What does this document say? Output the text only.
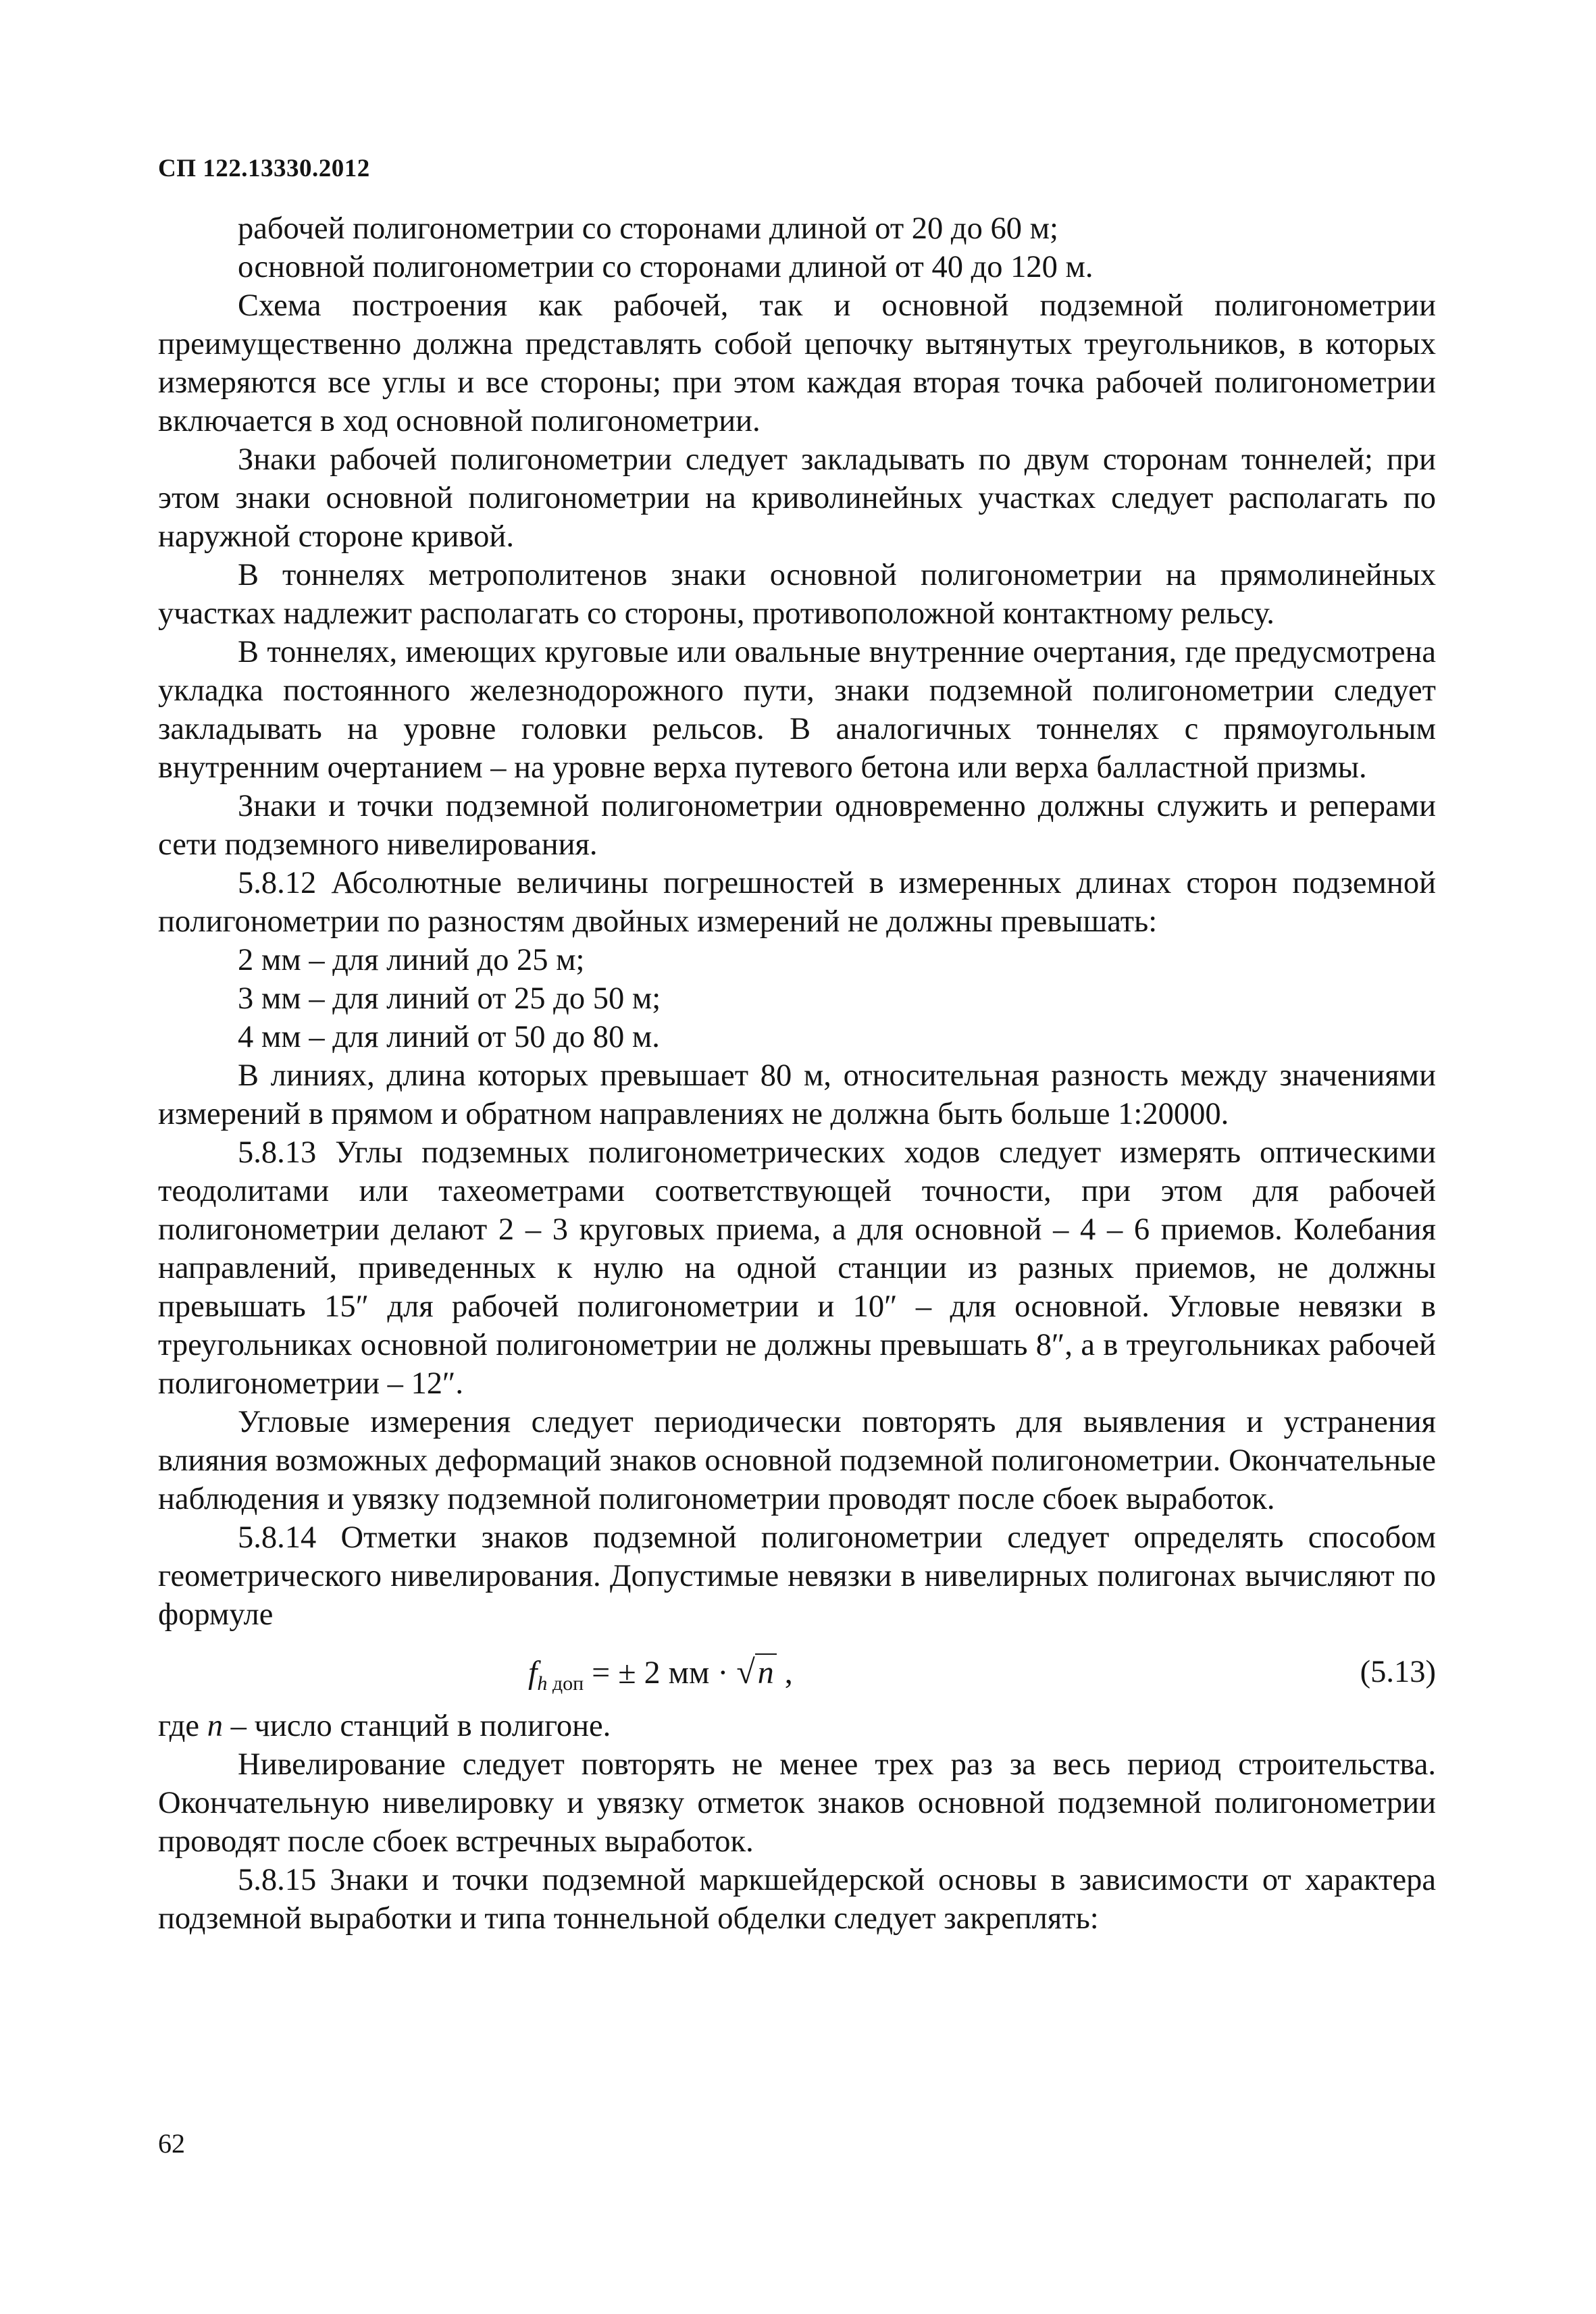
СП 122.13330.2012

рабочей полигонометрии со сторонами длиной от 20 до 60 м;

основной полигонометрии со сторонами длиной от 40 до 120 м.

Схема построения как рабочей, так и основной подземной полигонометрии преимущественно должна представлять собой цепочку вытянутых треугольников, в которых измеряются все углы и все стороны; при этом каждая вторая точка рабочей полигонометрии включается в ход основной полигонометрии.

Знаки рабочей полигонометрии следует закладывать по двум сторонам тоннелей; при этом знаки основной полигонометрии на криволинейных участках следует располагать по наружной стороне кривой.

В тоннелях метрополитенов знаки основной полигонометрии на прямолинейных участках надлежит располагать со стороны, противоположной контактному рельсу.

В тоннелях, имеющих круговые или овальные внутренние очертания, где предусмотрена укладка постоянного железнодорожного пути, знаки подземной полигонометрии следует закладывать на уровне головки рельсов. В аналогичных тоннелях с прямоугольным внутренним очертанием – на уровне верха путевого бетона или верха балластной призмы.

Знаки и точки подземной полигонометрии одновременно должны служить и реперами сети подземного нивелирования.

5.8.12 Абсолютные величины погрешностей в измеренных длинах сторон подземной полигонометрии по разностям двойных измерений не должны превышать:

2 мм – для линий до 25 м;

3 мм – для линий от 25 до 50 м;

4 мм – для линий от 50 до 80 м.

В линиях, длина которых превышает 80 м, относительная разность между значениями измерений в прямом и обратном направлениях не должна быть больше 1:20000.

5.8.13 Углы подземных полигонометрических ходов следует измерять оптическими теодолитами или тахеометрами соответствующей точности, при этом для рабочей полигонометрии делают 2 – 3 круговых приема, а для основной – 4 – 6 приемов. Колебания направлений, приведенных к нулю на одной станции из разных приемов, не должны превышать 15″ для рабочей полигонометрии и 10″ – для основной. Угловые невязки в треугольниках основной полигонометрии не должны превышать 8″, а в треугольниках рабочей полигонометрии – 12″.

Угловые измерения следует периодически повторять для выявления и устранения влияния возможных деформаций знаков основной подземной полигонометрии. Окончательные наблюдения и увязку подземной полигонометрии проводят после сбоек выработок.

5.8.14 Отметки знаков подземной полигонометрии следует определять способом геометрического нивелирования. Допустимые невязки в нивелирных полигонах вычисляют по формуле

$f_{h доп}$ = ± 2 мм · √n ,	(5.13)

где n – число станций в полигоне.

Нивелирование следует повторять не менее трех раз за весь период строительства. Окончательную нивелировку и увязку отметок знаков основной подземной полигонометрии проводят после сбоек встречных выработок.

5.8.15 Знаки и точки подземной маркшейдерской основы в зависимости от характера подземной выработки и типа тоннельной обделки следует закреплять:

62
